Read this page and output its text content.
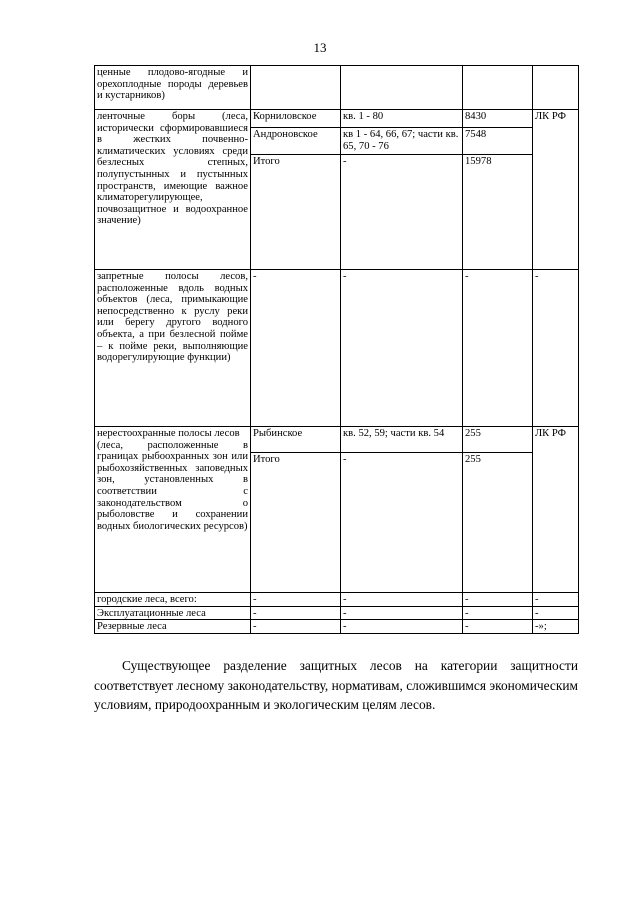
13
ценные плодово-ягодные и орехоплодные породы деревьев и кустарников)				
ленточные боры (леса, исторически сформировавшиеся в жестких почвенно-климатических условиях среди безлесных степных, полупустынных и пустынных пространств, имеющие важное климаторегулирующее, почвозащитное и водоохранное значение)	Корниловское	кв. 1 - 80	8430	ЛК РФ
	Андроновское	кв 1 - 64, 66, 67; части кв. 65, 70 - 76	7548	
	Итого	-	15978	
запретные полосы лесов, расположенные вдоль водных объектов (леса, примыкающие непосредственно к руслу реки или берегу другого водного объекта, а при безлесной пойме – к пойме реки, выполняющие водорегулирующие функции)	-	-	-	-

нерестоохранные полосы лесов
(леса, расположенные в границах рыбоохранных зон или рыбохозяйственных заповедных зон, установленных в соответствии с законодательством о рыболовстве и сохранении водных биологических ресурсов)	Рыбинское	кв. 52, 59; части кв. 54	255	ЛК РФ
	Итого	-	255	
городские леса, всего:	-	-	-	-
Эксплуатационные леса	-	-	-	-
Резервные леса	-	-	-	-»;

Существующее разделение защитных лесов на категории защитности соответствует лесному законодательству, нормативам, сложившимся экономическим условиям, природоохранным и экологическим целям лесов.
